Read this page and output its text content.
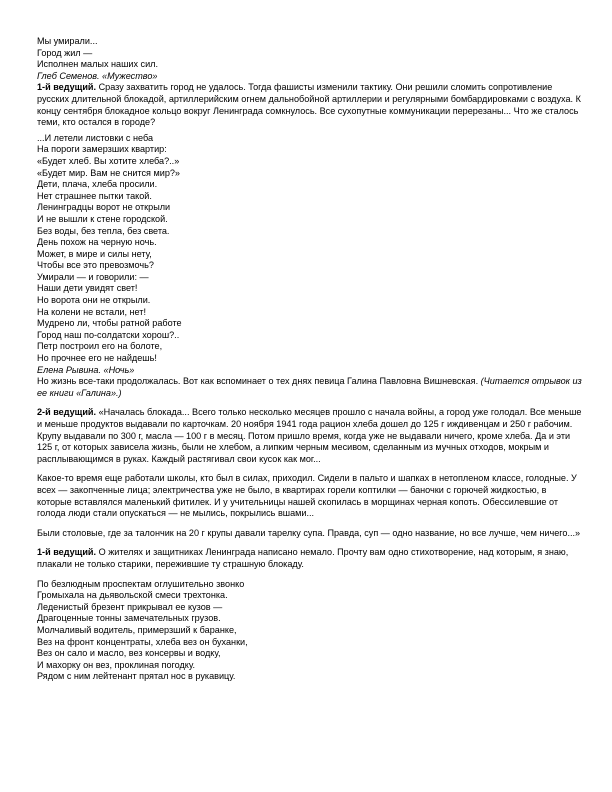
Мы умирали...
Город жил —
Исполнен малых наших сил.
Глеб Семенов. «Мужество»
1-й ведущий. Сразу захватить город не удалось. Тогда фашисты изменили тактику. Они решили сломить сопротивление русских длительной блокадой, артиллерийским огнем дальнобойной артиллерии и регулярными бомбардировками с воздуха. К концу сентября блокадное кольцо вокруг Ленинграда сомкнулось. Все сухопутные коммуникации перерезаны... Что же сталось теми, кто остался в городе?
...И летели листовки с неба
На пороги замерзших квартир:
«Будет хлеб. Вы хотите хлеба?..»
«Будет мир. Вам не снится мир?»
Дети, плача, хлеба просили.
Нет страшнее пытки такой.
Ленинградцы ворот не открыли
И не вышли к стене городской.
Без воды, без тепла, без света.
День похож на черную ночь.
Может, в мире и силы нету,
Чтобы все это превозмочь?
Умирали — и говорили: —
Наши дети увидят свет!
Но ворота они не открыли.
На колени не встали, нет!
Мудрено ли, чтобы ратной работе
Город наш по-солдатски хорош?..
Петр построил его на болоте,
Но прочнее его не найдешь!
Елена Рывина. «Ночь»
Но жизнь все-таки продолжалась. Вот как вспоминает о тех днях певица Галина Павловна Вишневская. (Читается отрывок из ее книги «Галина».)
2-й ведущий. «Началась блокада... Всего только несколько месяцев прошло с начала войны, а город уже голодал. Все меньше и меньше продуктов выдавали по карточкам. 20 ноября 1941 года рацион хлеба дошел до 125 г иждивенцам и 250 г рабочим. Крупу выдавали по 300 г, масла — 100 г в месяц. Потом пришло время, когда уже не выдавали ничего, кроме хлеба. Да и эти 125 г, от которых зависела жизнь, были не хлебом, а липким черным месивом, сделанным из мучных отходов, мокрым и расплывающимся в руках. Каждый растягивал свои кусок как мог...
Какое-то время еще работали школы, кто был в силах, приходил. Сидели в пальто и шапках в нетопленом классе, голодные. У всех — закопченные лица; электричества уже не было, в квартирах горели коптилки — баночки с горючей жидкостью, в которые вставлялся маленький фитилек. И у учительницы нашей скопилась в морщинах черная копоть. Обессилевшие от голода люди стали опускаться — не мылись, покрылись вшами...
Были столовые, где за талончик на 20 г крупы давали тарелку супа. Правда, суп — одно название, но все лучше, чем ничего...»
1-й ведущий. О жителях и защитниках Ленинграда написано немало. Прочту вам одно стихотворение, над которым, я знаю, плакали не только старики, пережившие ту страшную блокаду.
По безлюдным проспектам оглушительно звонко
Громыхала на дьявольской смеси трехтонка.
Леденистый брезент прикрывал ее кузов —
Драгоценные тонны замечательных грузов.
Молчаливый водитель, примерзший к баранке,
Вез на фронт концентраты, хлеба вез он буханки,
Вез он сало и масло, вез консервы и водку,
И махорку он вез, проклиная погодку.
Рядом с ним лейтенант прятал нос в рукавицу.
